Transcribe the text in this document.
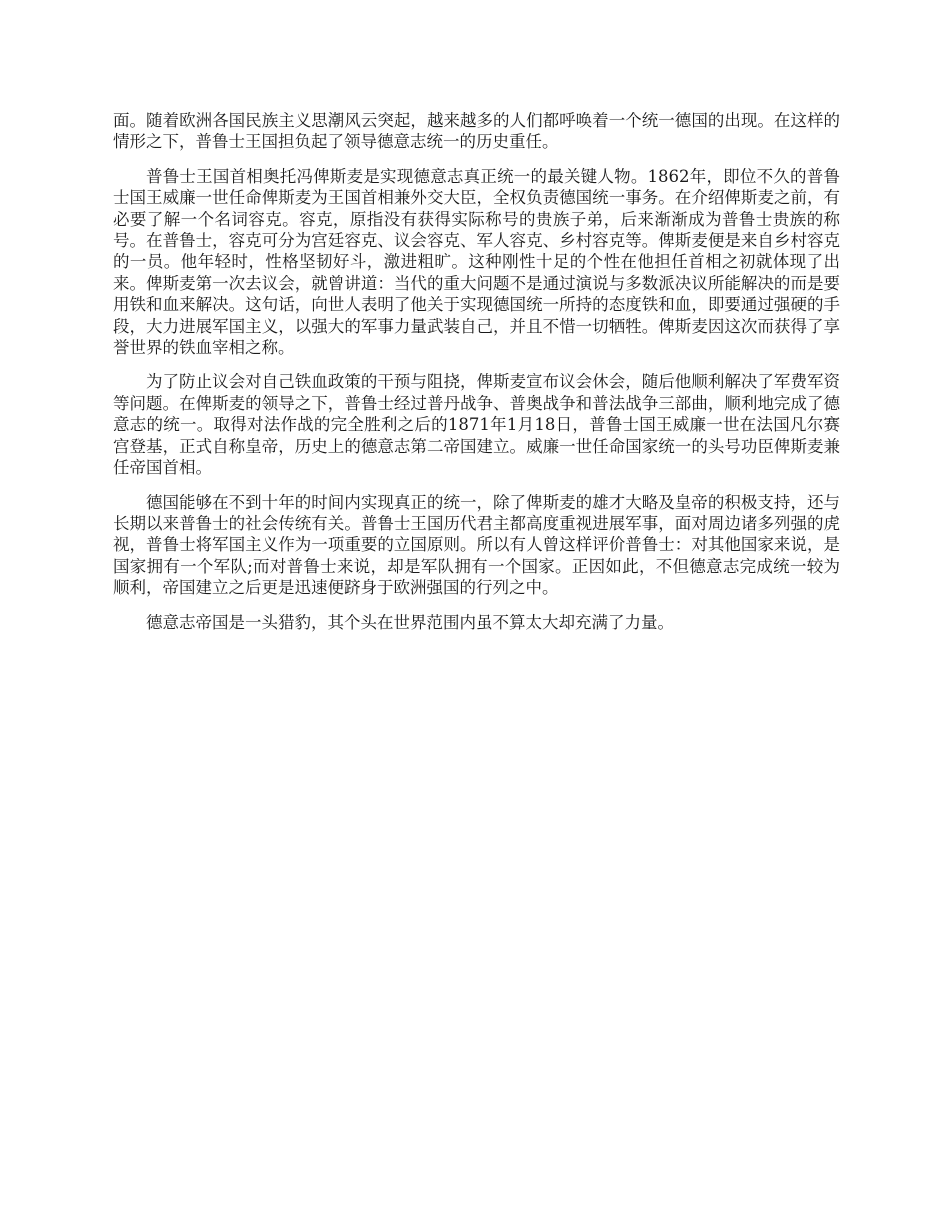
面。随着欧洲各国民族主义思潮风云突起，越来越多的人们都呼唤着一个统一德国的出现。在这样的情形之下，普鲁士王国担负起了领导德意志统一的历史重任。

普鲁士王国首相奥托冯俾斯麦是实现德意志真正统一的最关键人物。1862年，即位不久的普鲁士国王威廉一世任命俾斯麦为王国首相兼外交大臣，全权负责德国统一事务。在介绍俾斯麦之前，有必要了解一个名词容克。容克，原指没有获得实际称号的贵族子弟，后来渐渐成为普鲁士贵族的称号。在普鲁士，容克可分为宫廷容克、议会容克、军人容克、乡村容克等。俾斯麦便是来自乡村容克的一员。他年轻时，性格坚韧好斗，激进粗旷。这种刚性十足的个性在他担任首相之初就体现了出来。俾斯麦第一次去议会，就曾讲道：当代的重大问题不是通过演说与多数派决议所能解决的而是要用铁和血来解决。这句话，向世人表明了他关于实现德国统一所持的态度铁和血，即要通过强硬的手段，大力进展军国主义，以强大的军事力量武装自己，并且不惜一切牺牲。俾斯麦因这次而获得了享誉世界的铁血宰相之称。

为了防止议会对自己铁血政策的干预与阻挠，俾斯麦宣布议会休会，随后他顺利解决了军费军资等问题。在俾斯麦的领导之下，普鲁士经过普丹战争、普奥战争和普法战争三部曲，顺利地完成了德意志的统一。取得对法作战的完全胜利之后的1871年1月18日，普鲁士国王威廉一世在法国凡尔赛宫登基，正式自称皇帝，历史上的德意志第二帝国建立。威廉一世任命国家统一的头号功臣俾斯麦兼任帝国首相。

德国能够在不到十年的时间内实现真正的统一，除了俾斯麦的雄才大略及皇帝的积极支持，还与长期以来普鲁士的社会传统有关。普鲁士王国历代君主都高度重视进展军事，面对周边诸多列强的虎视，普鲁士将军国主义作为一项重要的立国原则。所以有人曾这样评价普鲁士：对其他国家来说，是国家拥有一个军队;而对普鲁士来说，却是军队拥有一个国家。正因如此，不但德意志完成统一较为顺利，帝国建立之后更是迅速便跻身于欧洲强国的行列之中。

德意志帝国是一头猎豹，其个头在世界范围内虽不算太大却充满了力量。
